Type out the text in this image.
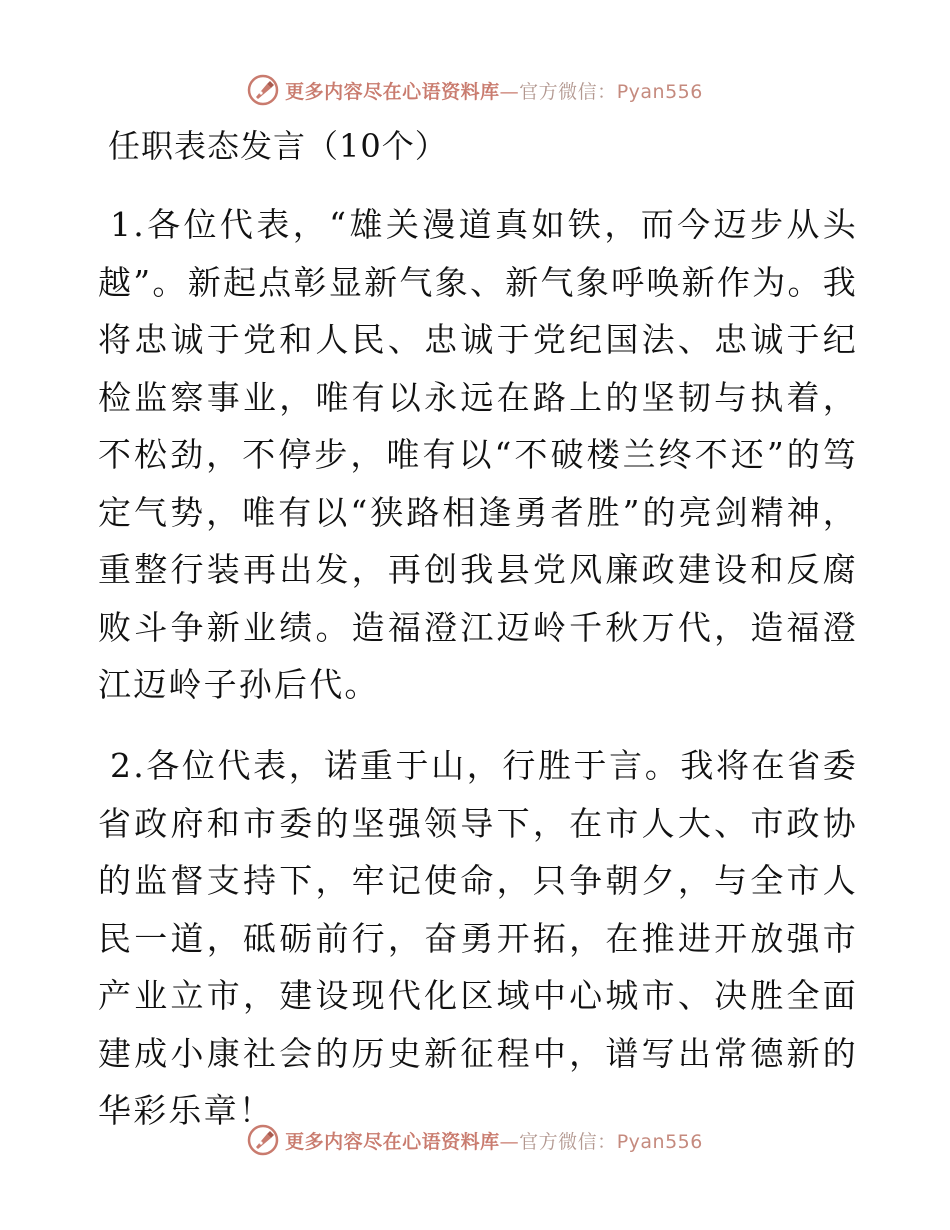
更多内容尽在心语资料库—官方微信：Pyan556
任职表态发言（10个）

1.各位代表，“雄关漫道真如铁，而今迈步从头越”。新起点彰显新气象、新气象呼唤新作为。我将忠诚于党和人民、忠诚于党纪国法、忠诚于纪检监察事业，唯有以永远在路上的坚韧与执着，不松劲，不停步，唯有以“不破楼兰终不还”的笃定气势，唯有以“狭路相逢勇者胜”的亮剑精神，重整行装再出发，再创我县党风廉政建设和反腐败斗争新业绩。造福澄江迈岭千秋万代，造福澄江迈岭子孙后代。

2.各位代表，诺重于山，行胜于言。我将在省委省政府和市委的坚强领导下，在市人大、市政协的监督支持下，牢记使命，只争朝夕，与全市人民一道，砥砺前行，奋勇开拓，在推进开放强市产业立市，建设现代化区域中心城市、决胜全面建成小康社会的历史新征程中，谱写出常德新的华彩乐章！

更多内容尽在心语资料库—官方微信：Pyan556
